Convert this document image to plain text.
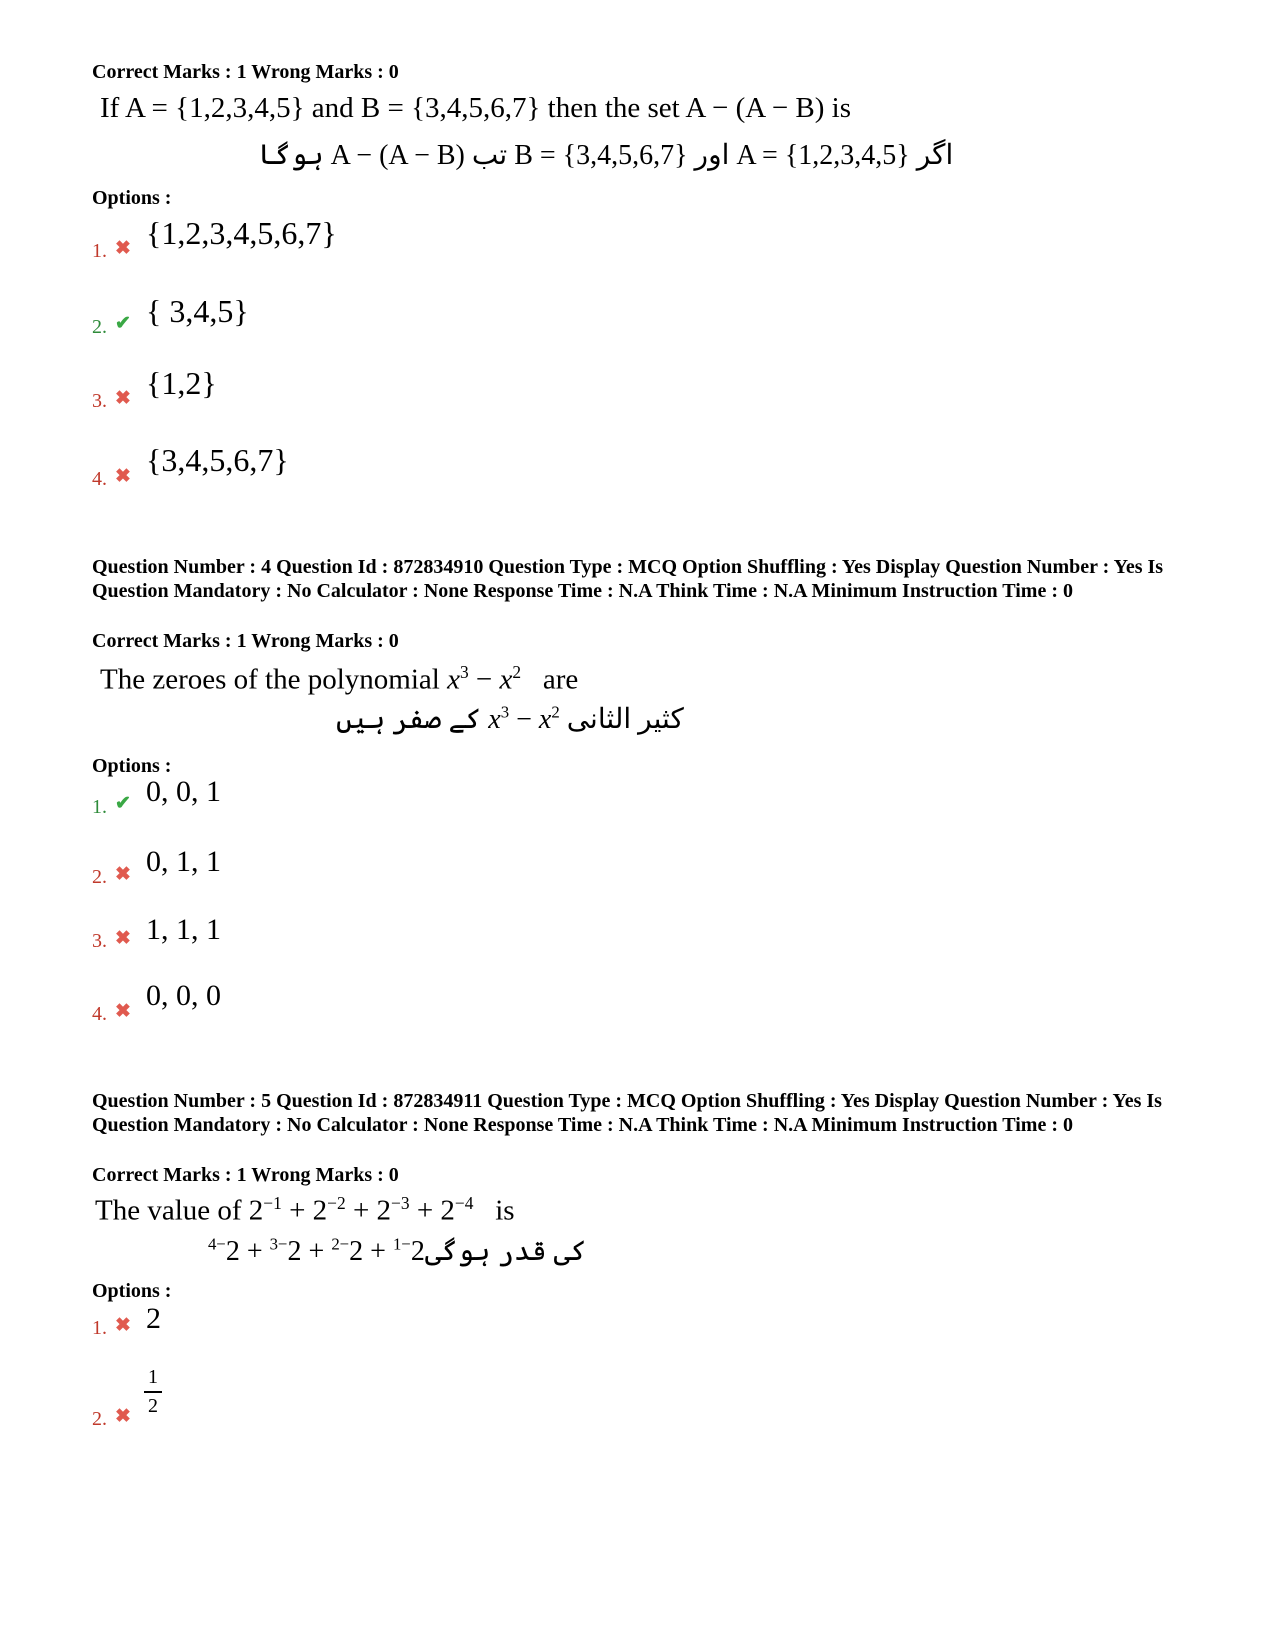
Correct Marks : 1 Wrong Marks : 0
If A = {1,2,3,4,5} and B = {3,4,5,6,7} then the set A − (A − B) is
ہوگا A − (A − B) تب B = {3,4,5,6,7} اور A = {1,2,3,4,5} اگر
Options :
1. ✖ {1,2,3,4,5,6,7}
2. ✔ { 3,4,5}
3. ✖ {1,2}
4. ✖ {3,4,5,6,7}
Question Number : 4 Question Id : 872834910 Question Type : MCQ Option Shuffling : Yes Display Question Number : Yes Is Question Mandatory : No Calculator : None Response Time : N.A Think Time : N.A Minimum Instruction Time : 0
Correct Marks : 1 Wrong Marks : 0
The zeroes of the polynomial $x^3 - x^2$ are
کے صفر ہیں $x^3 - x^2$ کثیر الثانی
Options :
1. ✔ 0, 0, 1
2. ✖ 0, 1, 1
3. ✖ 1, 1, 1
4. ✖ 0, 0, 0
Question Number : 5 Question Id : 872834911 Question Type : MCQ Option Shuffling : Yes Display Question Number : Yes Is Question Mandatory : No Calculator : None Response Time : N.A Think Time : N.A Minimum Instruction Time : 0
Correct Marks : 1 Wrong Marks : 0
The value of $2^{-1} + 2^{-2} + 2^{-3} + 2^{-4}$ is
کی قدر $ہوگی2^{-1} + 2^{-2} + 2^{-3} + 2^{-4}$
Options :
1. ✖ 2
2. ✖
1
2
